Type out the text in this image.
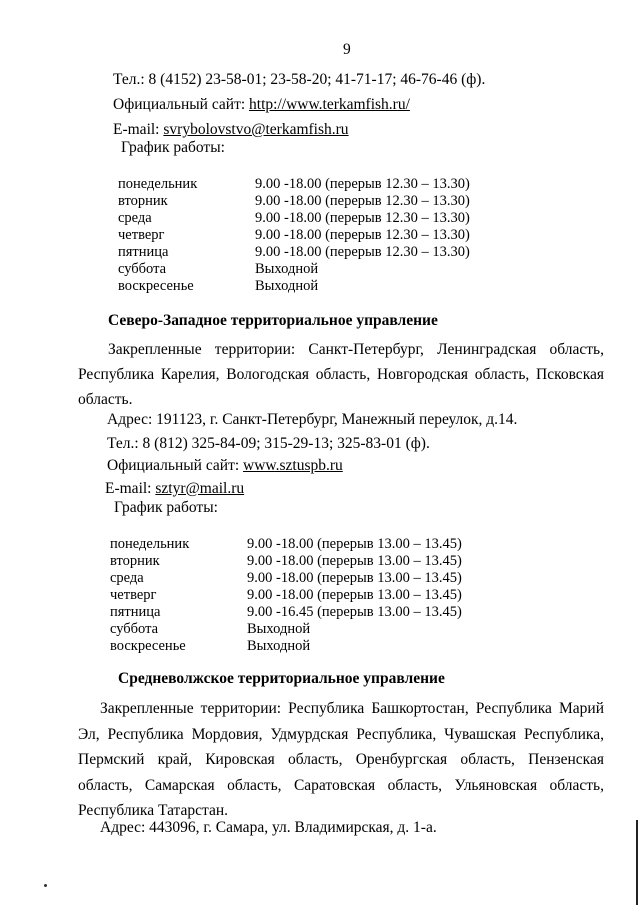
9
Тел.: 8 (4152) 23-58-01; 23-58-20; 41-71-17; 46-76-46 (ф).
Официальный сайт: http://www.terkamfish.ru/
E-mail: svrybolovstvo@terkamfish.ru
График работы:
понедельник	9.00 -18.00 (перерыв 12.30 – 13.30)
вторник	9.00 -18.00 (перерыв 12.30 – 13.30)
среда	9.00 -18.00 (перерыв 12.30 – 13.30)
четверг	9.00 -18.00 (перерыв 12.30 – 13.30)
пятница	9.00 -18.00 (перерыв 12.30 – 13.30)
суббота	Выходной
воскресенье	Выходной
Северо-Западное территориальное управление
Закрепленные территории: Санкт-Петербург, Ленинградская область, Республика Карелия, Вологодская область, Новгородская область, Псковская область.
Адрес: 191123, г. Санкт-Петербург, Манежный переулок, д.14.
Тел.: 8 (812) 325-84-09; 315-29-13; 325-83-01 (ф).
Официальный сайт: www.sztuspb.ru
E-mail: sztyr@mail.ru
График работы:
понедельник	9.00 -18.00 (перерыв 13.00 – 13.45)
вторник	9.00 -18.00 (перерыв 13.00 – 13.45)
среда	9.00 -18.00 (перерыв 13.00 – 13.45)
четверг	9.00 -18.00 (перерыв 13.00 – 13.45)
пятница	9.00 -16.45 (перерыв 13.00 – 13.45)
суббота	Выходной
воскресенье	Выходной
Средневолжское территориальное управление
Закрепленные территории: Республика Башкортостан, Республика Марий Эл, Республика Мордовия, Удмурдская Республика, Чувашская Республика, Пермский край, Кировская область, Оренбургская область, Пензенская область, Самарская область, Саратовская область, Ульяновская область, Республика Татарстан.
Адрес: 443096, г. Самара, ул. Владимирская, д. 1-а.
